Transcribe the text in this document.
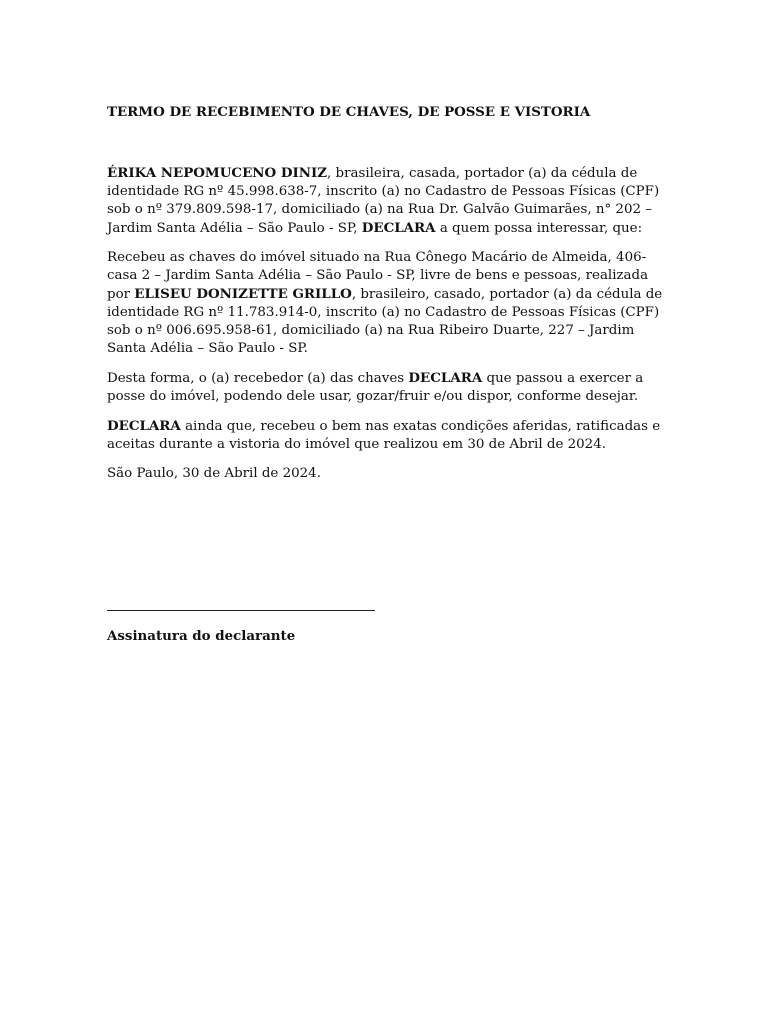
TERMO DE RECEBIMENTO DE CHAVES, DE POSSE E VISTORIA

ÉRIKA NEPOMUCENO DINIZ, brasileira, casada, portador (a) da cédula de identidade RG nº 45.998.638-7, inscrito (a) no Cadastro de Pessoas Físicas (CPF) sob o nº 379.809.598-17, domiciliado (a) na Rua Dr. Galvão Guimarães, n° 202 – Jardim Santa Adélia – São Paulo - SP, DECLARA a quem possa interessar, que:

Recebeu as chaves do imóvel situado na Rua Cônego Macário de Almeida, 406- casa 2 – Jardim Santa Adélia – São Paulo - SP, livre de bens e pessoas, realizada por ELISEU DONIZETTE GRILLO, brasileiro, casado, portador (a) da cédula de identidade RG nº 11.783.914-0, inscrito (a) no Cadastro de Pessoas Físicas (CPF) sob o nº 006.695.958-61, domiciliado (a) na Rua Ribeiro Duarte, 227 – Jardim Santa Adélia – São Paulo - SP.

Desta forma, o (a) recebedor (a) das chaves DECLARA que passou a exercer a posse do imóvel, podendo dele usar, gozar/fruir e/ou dispor, conforme desejar.

DECLARA ainda que, recebeu o bem nas exatas condições aferidas, ratificadas e aceitas durante a vistoria do imóvel que realizou em 30 de Abril de 2024.

São Paulo, 30 de Abril de 2024.

Assinatura do declarante
